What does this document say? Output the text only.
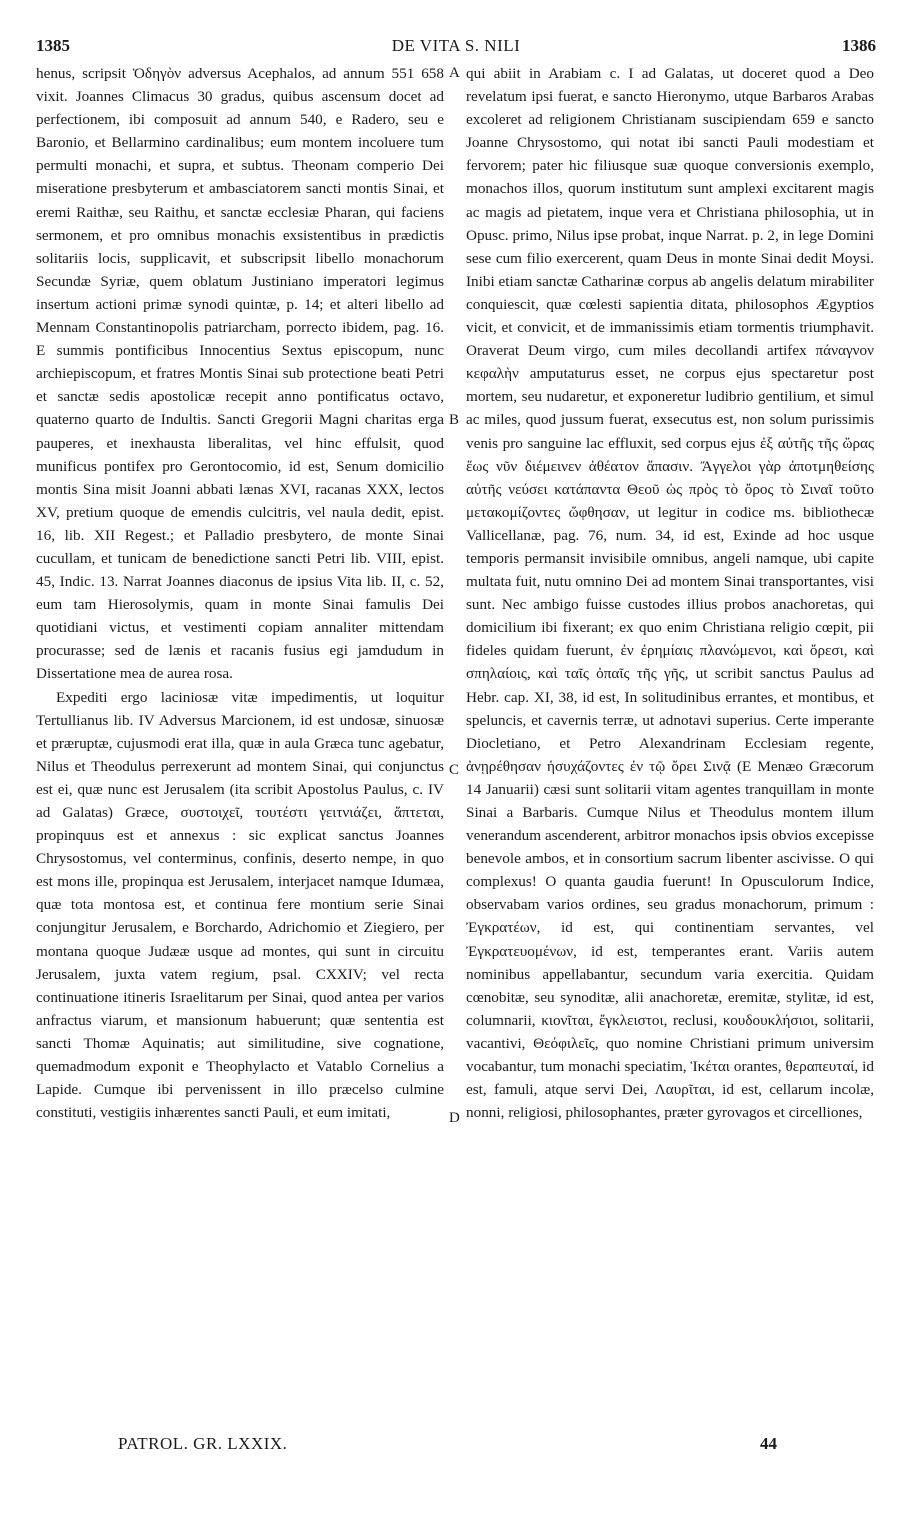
1385	DE VITA S. NILI	1386
A
B
C
D

henus, scripsit Ὁδηγὸν adversus Acephalos, ad annum 551 658 vixit. Joannes Climacus 30 gradus, quibus ascensum docet ad perfectionem, ibi composuit ad annum 540, e Radero, seu e Baronio, et Bellarmino cardinalibus; eum montem incoluere tum permulti monachi, et supra, et subtus. Theonam comperio Dei miseratione presbyterum et ambasciatorem sancti montis Sinai, et eremi Raithæ, seu Raithu, et sanctæ ecclesiæ Pharan, qui faciens sermonem, et pro omnibus monachis exsistentibus in prædictis solitariis locis, supplicavit, et subscripsit libello monachorum Secundæ Syriæ, quem oblatum Justiniano imperatori legimus insertum actioni primæ synodi quintæ, p. 14; et alteri libello ad Mennam Constantinopolis patriarcham, porrecto ibidem, pag. 16. E summis pontificibus Innocentius Sextus episcopum, nunc archiepiscopum, et fratres Montis Sinai sub protectione beati Petri et sanctæ sedis apostolicæ recepit anno pontificatus octavo, quaterno quarto de Indultis. Sancti Gregorii Magni charitas erga pauperes, et inexhausta liberalitas, vel hinc effulsit, quod munificus pontifex pro Gerontocomio, id est, Senum domicilio montis Sina misit Joanni abbati lænas XVI, racanas XXX, lectos XV, pretium quoque de emendis culcitris, vel naula dedit, epist. 16, lib. XII Regest.; et Palladio presbytero, de monte Sinai cucullam, et tunicam de benedictione sancti Petri lib. VIII, epist. 45, Indic. 13. Narrat Joannes diaconus de ipsius Vita lib. II, c. 52, eum tam Hierosolymis, quam in monte Sinai famulis Dei quotidiani victus, et vestimenti copiam annaliter mittendam procurasse; sed de lænis et racanis fusius egi jamdudum in Dissertatione mea de aurea rosa.

Expediti ergo laciniosæ vitæ impedimentis, ut loquitur Tertullianus lib. IV Adversus Marcionem, id est undosæ, sinuosæ et præruptæ, cujusmodi erat illa, quæ in aula Græca tunc agebatur, Nilus et Theodulus perrexerunt ad montem Sinai, qui conjunctus est ei, quæ nunc est Jerusalem (ita scribit Apostolus Paulus, c. IV ad Galatas) Græce, συστοιχεῖ, τουτέστι γειτνιάζει, ἅπτεται, propinquus est et annexus : sic explicat sanctus Joannes Chrysostomus, vel conterminus, confinis, deserto nempe, in quo est mons ille, propinqua est Jerusalem, interjacet namque Idumæa, quæ tota montosa est, et continua fere montium serie Sinai conjungitur Jerusalem, e Borchardo, Adrichomio et Ziegiero, per montana quoque Judææ usque ad montes, qui sunt in circuitu Jerusalem, juxta vatem regium, psal. CXXIV; vel recta continuatione itineris Israelitarum per Sinai, quod antea per varios anfractus viarum, et mansionum habuerunt; quæ sententia est sancti Thomæ Aquinatis; aut similitudine, sive cognatione, quemadmodum exponit e Theophylacto et Vatablo Cornelius a Lapide. Cumque ibi pervenissent in illo præcelso culmine constituti, vestigiis inhærentes sancti Pauli, et eum imitati,

qui abiit in Arabiam c. I ad Galatas, ut doceret quod a Deo revelatum ipsi fuerat, e sancto Hieronymo, utque Barbaros Arabas excoleret ad religionem Christianam suscipiendam 659 e sancto Joanne Chrysostomo, qui notat ibi sancti Pauli modestiam et fervorem; pater hic filiusque suæ quoque conversionis exemplo, monachos illos, quorum institutum sunt amplexi excitarent magis ac magis ad pietatem, inque vera et Christiana philosophia, ut in Opusc. primo, Nilus ipse probat, inque Narrat. p. 2, in lege Domini sese cum filio exercerent, quam Deus in monte Sinai dedit Moysi. Inibi etiam sanctæ Catharinæ corpus ab angelis delatum mirabiliter conquiescit, quæ cœlesti sapientia ditata, philosophos Ægyptios vicit, et convicit, et de immanissimis etiam tormentis triumphavit. Oraverat Deum virgo, cum miles decollandi artifex πάναγνον κεφαλὴν amputaturus esset, ne corpus ejus spectaretur post mortem, seu nudaretur, et exponeretur ludibrio gentilium, et simul ac miles, quod jussum fuerat, exsecutus est, non solum purissimis venis pro sanguine lac effluxit, sed corpus ejus ἐξ αὐτῆς τῆς ὥρας ἕως νῦν διέμεινεν ἀθέατον ἅπασιν. Ἄγγελοι γὰρ ἀποτμηθείσης αὐτῆς νεύσει κατάπαντα Θεοῦ ὡς πρὸς τὸ ὄρος τὸ Σιναῖ τοῦτο μετακομίζοντες ὤφθησαν, ut legitur in codice ms. bibliothecæ Vallicellanæ, pag. 76, num. 34, id est, Exinde ad hoc usque temporis permansit invisibile omnibus, angeli namque, ubi capite multata fuit, nutu omnino Dei ad montem Sinai transportantes, visi sunt. Nec ambigo fuisse custodes illius probos anachoretas, qui domicilium ibi fixerant; ex quo enim Christiana religio cœpit, pii fideles quidam fuerunt, ἐν ἐρημίαις πλανώμενοι, καὶ ὄρεσι, καὶ σπηλαίοις, καὶ ταῖς ὀπαῖς τῆς γῆς, ut scribit sanctus Paulus ad Hebr. cap. XI, 38, id est, In solitudinibus errantes, et montibus, et speluncis, et cavernis terræ, ut adnotavi superius. Certe imperante Diocletiano, et Petro Alexandrinam Ecclesiam regente, ἀνῃρέθησαν ἡσυχάζοντες ἐν τῷ ὄρει Σινᾷ (E Menæo Græcorum 14 Januarii) cæsi sunt solitarii vitam agentes tranquillam in monte Sinai a Barbaris. Cumque Nilus et Theodulus montem illum venerandum ascenderent, arbitror monachos ipsis obvios excepisse benevole ambos, et in consortium sacrum libenter ascivisse. O qui complexus! O quanta gaudia fuerunt! In Opusculorum Indice, observabam varios ordines, seu gradus monachorum, primum : Ἐγκρατέων, id est, qui continentiam servantes, vel Ἐγκρατευομένων, id est, temperantes erant. Variis autem nominibus appellabantur, secundum varia exercitia. Quidam cœnobitæ, seu synoditæ, alii anachoretæ, eremitæ, stylitæ, id est, columnarii, κιονῖται, ἔγκλειστοι, reclusi, κουδουκλήσιοι, solitarii, vacantivi, Θεόφιλεῖς, quo nomine Christiani primum universim vocabantur, tum monachi speciatim, Ἱκέται orantes, θεραπευταί, id est, famuli, atque servi Dei, Λαυρῖται, id est, cellarum incolæ, nonni, religiosi, philosophantes, præter gyrovagos et circelliones,

PATROL. GR. LXXIX.	44
